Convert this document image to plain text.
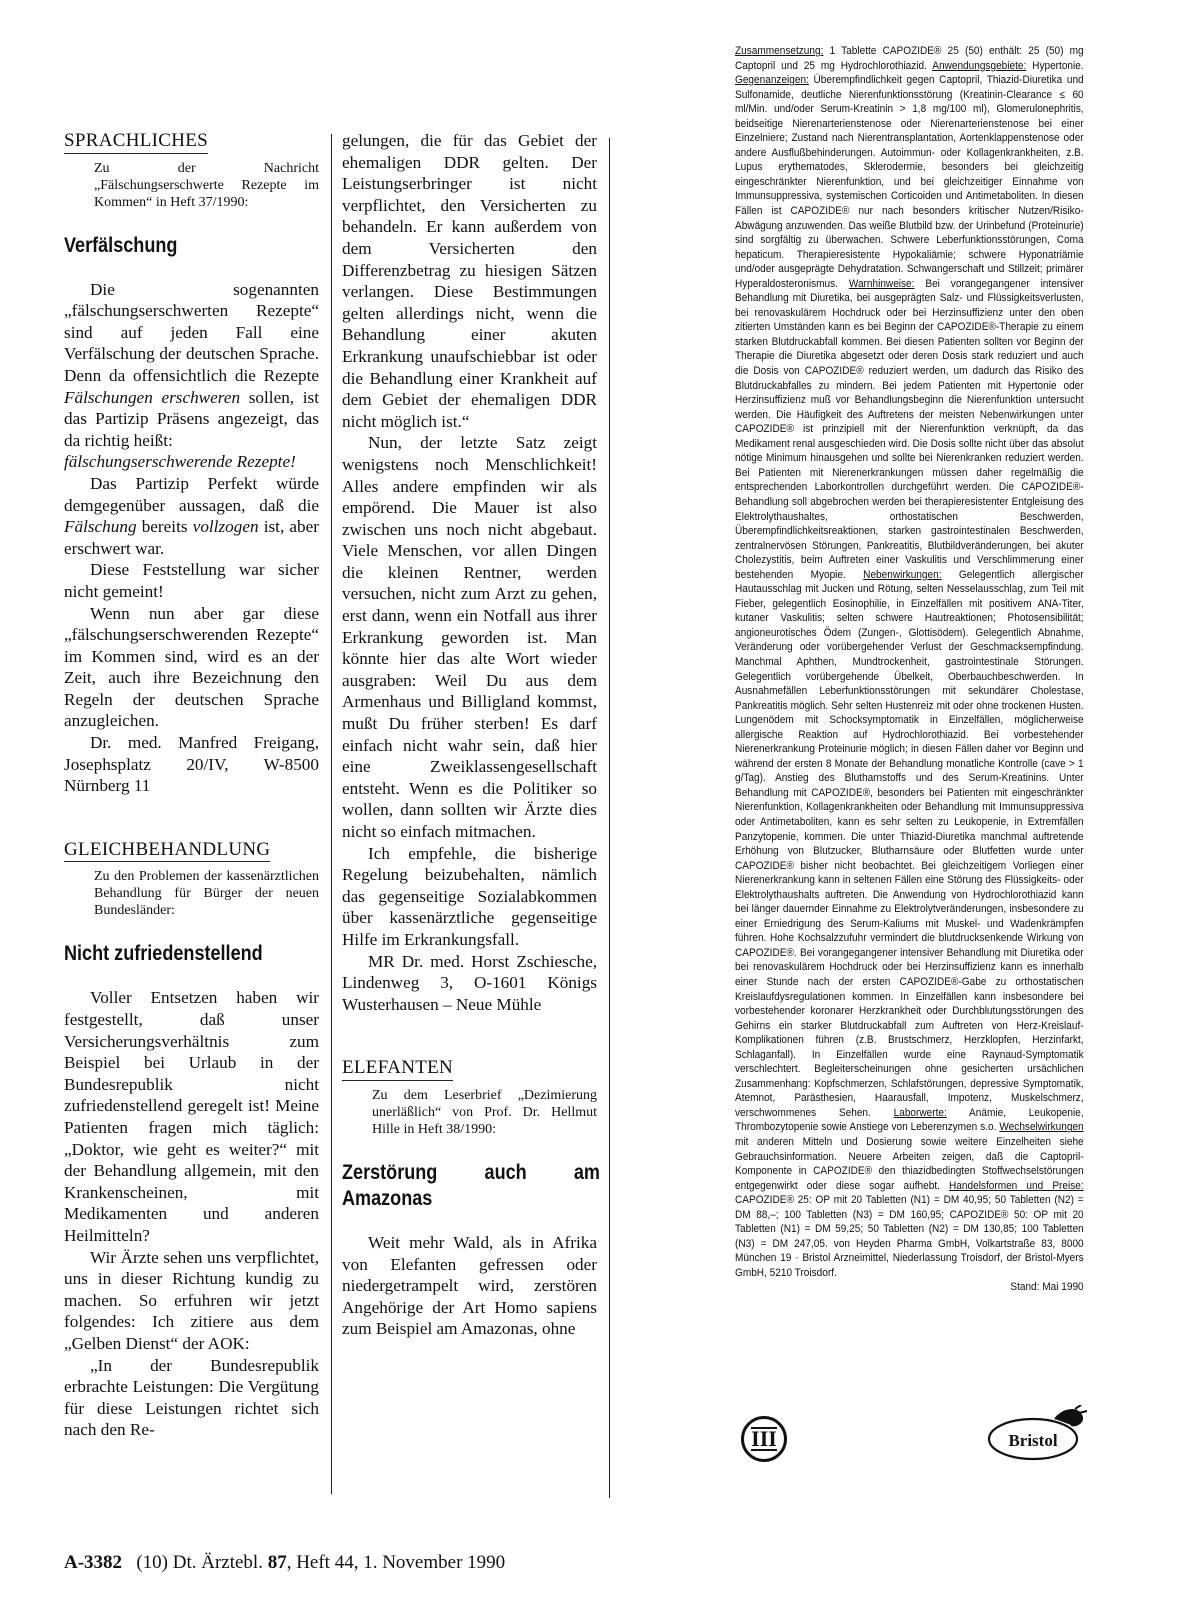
SPRACHLICHES
Zu der Nachricht „Fälschungserschwerte Rezepte im Kommen“ in Heft 37/1990:
Verfälschung

Die sogenannten „fälschungserschwerten Rezepte“ sind auf jeden Fall eine Verfälschung der deutschen Sprache. Denn da offensichtlich die Rezepte Fälschungen erschweren sollen, ist das Partizip Präsens angezeigt, das da richtig heißt:
fälschungserschwerende Rezepte!

Das Partizip Perfekt würde demgegenüber aussagen, daß die Fälschung bereits vollzogen ist, aber erschwert war.

Diese Feststellung war sicher nicht gemeint!

Wenn nun aber gar diese „fälschungserschwerenden Rezepte“ im Kommen sind, wird es an der Zeit, auch ihre Bezeichnung den Regeln der deutschen Sprache anzugleichen.

Dr. med. Manfred Freigang, Josephsplatz 20/IV, W-8500 Nürnberg 11

GLEICHBEHANDLUNG
Zu den Problemen der kassenärztlichen Behandlung für Bürger der neuen Bundesländer:
Nicht zufriedenstellend

Voller Entsetzen haben wir festgestellt, daß unser Versicherungsverhältnis zum Beispiel bei Urlaub in der Bundesrepublik nicht zufriedenstellend geregelt ist! Meine Patienten fragen mich täglich: „Doktor, wie geht es weiter?“ mit der Behandlung allgemein, mit den Krankenscheinen, mit Medikamenten und anderen Heilmitteln?

Wir Ärzte sehen uns verpflichtet, uns in dieser Richtung kundig zu machen. So erfuhren wir jetzt folgendes: Ich zitiere aus dem „Gelben Dienst“ der AOK:

„In der Bundesrepublik erbrachte Leistungen: Die Vergütung für diese Leistungen richtet sich nach den Re-

gelungen, die für das Gebiet der ehemaligen DDR gelten. Der Leistungserbringer ist nicht verpflichtet, den Versicherten zu behandeln. Er kann außerdem von dem Versicherten den Differenzbetrag zu hiesigen Sätzen verlangen. Diese Bestimmungen gelten allerdings nicht, wenn die Behandlung einer akuten Erkrankung unaufschiebbar ist oder die Behandlung einer Krankheit auf dem Gebiet der ehemaligen DDR nicht möglich ist.“

Nun, der letzte Satz zeigt wenigstens noch Menschlichkeit! Alles andere empfinden wir als empörend. Die Mauer ist also zwischen uns noch nicht abgebaut. Viele Menschen, vor allen Dingen die kleinen Rentner, werden versuchen, nicht zum Arzt zu gehen, erst dann, wenn ein Notfall aus ihrer Erkrankung geworden ist. Man könnte hier das alte Wort wieder ausgraben: Weil Du aus dem Armenhaus und Billigland kommst, mußt Du früher sterben! Es darf einfach nicht wahr sein, daß hier eine Zweiklassengesellschaft entsteht. Wenn es die Politiker so wollen, dann sollten wir Ärzte dies nicht so einfach mitmachen.

Ich empfehle, die bisherige Regelung beizubehalten, nämlich das gegenseitige Sozialabkommen über kassenärztliche gegenseitige Hilfe im Erkrankungsfall.

MR Dr. med. Horst Zschiesche, Lindenweg 3, O-1601 Königs Wusterhausen – Neue Mühle

ELEFANTEN
Zu dem Leserbrief „Dezimierung unerläßlich“ von Prof. Dr. Hellmut Hille in Heft 38/1990:
Zerstörung auch am Amazonas

Weit mehr Wald, als in Afrika von Elefanten gefressen oder niedergetrampelt wird, zerstören Angehörige der Art Homo sapiens zum Beispiel am Amazonas, ohne

Zusammensetzung: 1 Tablette CAPOZIDE® 25 (50) enthält: 25 (50) mg Captopril und 25 mg Hydrochlorothiazid. Anwendungsgebiete: Hypertonie. Gegenanzeigen: Überempfindlichkeit gegen Captopril, Thiazid-Diuretika und Sulfonamide, deutliche Nierenfunktionsstörung (Kreatinin-Clearance ≤ 60 ml/Min. und/oder Serum-Kreatinin > 1,8 mg/100 ml), Glomerulonephritis, beidseitige Nierenarterienstenose oder Nierenarterienstenose bei einer Einzelniere; Zustand nach Nierentransplantation, Aortenklappenstenose oder andere Ausflußbehinderungen. Autoimmun- oder Kollagenkrankheiten, z.B. Lupus erythematodes, Sklerodermie, besonders bei gleichzeitig eingeschränkter Nierenfunktion, und bei gleichzeitiger Einnahme von Immunsuppressiva, systemischen Corticoiden und Antimetaboliten. In diesen Fällen ist CAPOZIDE® nur nach besonders kritischer Nutzen/Risiko-Abwägung anzuwenden. Das weiße Blutbild bzw. der Urinbefund (Proteinurie) sind sorgfältig zu überwachen. Schwere Leberfunktionsstörungen, Coma hepaticum. Therapieresistente Hypokaliämie; schwere Hyponatriämie und/oder ausgeprägte Dehydratation. Schwangerschaft und Stillzeit; primärer Hyperaldosteronismus. Warnhinweise: Bei vorangegangener intensiver Behandlung mit Diuretika, bei ausgeprägten Salz- und Flüssigkeitsverlusten, bei renovaskulärem Hochdruck oder bei Herzinsuffizienz unter den oben zitierten Umständen kann es bei Beginn der CAPOZIDE®-Therapie zu einem starken Blutdruckabfall kommen. Bei diesen Patienten sollten vor Beginn der Therapie die Diuretika abgesetzt oder deren Dosis stark reduziert und auch die Dosis von CAPOZIDE® reduziert werden, um dadurch das Risiko des Blutdruckabfalles zu mindern. Bei jedem Patienten mit Hypertonie oder Herzinsuffizienz muß vor Behandlungsbeginn die Nierenfunktion untersucht werden. Die Häufigkeit des Auftretens der meisten Nebenwirkungen unter CAPOZIDE® ist prinzipiell mit der Nierenfunktion verknüpft, da das Medikament renal ausgeschieden wird. Die Dosis sollte nicht über das absolut nötige Minimum hinausgehen und sollte bei Nierenkranken reduziert werden. Bei Patienten mit Nierenerkrankungen müssen daher regelmäßig die entsprechenden Laborkontrollen durchgeführt werden. Die CAPOZIDE®-Behandlung soll abgebrochen werden bei therapieresistenter Entgleisung des Elektrolythaushaltes, orthostatischen Beschwerden, Überempfindlichkeitsreaktionen, starken gastrointestinalen Beschwerden, zentralnervösen Störungen, Pankreatitis, Blutbildveränderungen, bei akuter Cholezystitis, beim Auftreten einer Vaskulitis und Verschlimmerung einer bestehenden Myopie. Nebenwirkungen: Gelegentlich allergischer Hautausschlag mit Jucken und Rötung, selten Nesselausschlag, zum Teil mit Fieber, gelegentlich Eosinophilie, in Einzelfällen mit positivem ANA-Titer, kutaner Vaskulitis; selten schwere Hautreaktionen; Photosensibilität; angioneurotisches Ödem (Zungen-, Glottisödem). Gelegentlich Abnahme, Veränderung oder vorübergehender Verlust der Geschmacksempfindung. Manchmal Aphthen, Mundtrockenheit, gastrointestinale Störungen. Gelegentlich vorübergehende Übelkeit, Oberbauchbeschwerden. In Ausnahmefällen Leberfunktionsstörungen mit sekundärer Cholestase, Pankreatitis möglich. Sehr selten Hustenreiz mit oder ohne trockenen Husten. Lungenödem mit Schocksymptomatik in Einzelfällen, möglicherweise allergische Reaktion auf Hydrochlorothiazid. Bei vorbestehender Nierenerkrankung Proteinurie möglich; in diesen Fällen daher vor Beginn und während der ersten 8 Monate der Behandlung monatliche Kontrolle (cave > 1 g/Tag). Anstieg des Blutharnstoffs und des Serum-Kreatinins. Unter Behandlung mit CAPOZIDE®, besonders bei Patienten mit eingeschränkter Nierenfunktion, Kollagenkrankheiten oder Behandlung mit Immunsuppressiva oder Antimetaboliten, kann es sehr selten zu Leukopenie, in Extremfällen Panzytopenie, kommen. Die unter Thiazid-Diuretika manchmal auftretende Erhöhung von Blutzucker, Blutharnsäure oder Blutfetten wurde unter CAPOZIDE® bisher nicht beobachtet. Bei gleichzeitigem Vorliegen einer Nierenerkrankung kann in seltenen Fällen eine Störung des Flüssigkeits- oder Elektrolythaushalts auftreten. Die Anwendung von Hydrochlorothiazid kann bei länger dauernder Einnahme zu Elektrolytveränderungen, insbesondere zu einer Erniedrigung des Serum-Kaliums mit Muskel- und Wadenkrämpfen führen. Hohe Kochsalzzufuhr vermindert die blutdrucksenkende Wirkung von CAPOZIDE®. Bei vorangegangener intensiver Behandlung mit Diuretika oder bei renovaskulärem Hochdruck oder bei Herzinsuffizienz kann es innerhalb einer Stunde nach der ersten CAPOZIDE®-Gabe zu orthostatischen Kreislaufdysregulationen kommen. In Einzelfällen kann insbesondere bei vorbestehender koronarer Herzkrankheit oder Durchblutungsstörungen des Gehirns ein starker Blutdruckabfall zum Auftreten von Herz-Kreislauf-Komplikationen führen (z.B. Brustschmerz, Herzklopfen, Herzinfarkt, Schlaganfall). In Einzelfällen wurde eine Raynaud-Symptomatik verschlechtert. Begleiterscheinungen ohne gesicherten ursächlichen Zusammenhang: Kopfschmerzen, Schlafstörungen, depressive Symptomatik, Atemnot, Parästhesien, Haarausfall, Impotenz, Muskelschmerz, verschwommenes Sehen. Laborwerte: Anämie, Leukopenie, Thrombozytopenie sowie Anstiege von Leberenzymen s.o. Wechselwirkungen mit anderen Mitteln und Dosierung sowie weitere Einzelheiten siehe Gebrauchsinformation. Neuere Arbeiten zeigen, daß die Captopril-Komponente in CAPOZIDE® den thiazidbedingten Stoffwechselstörungen entgegenwirkt oder diese sogar aufhebt. Handelsformen und Preise: CAPOZIDE® 25: OP mit 20 Tabletten (N1) = DM 40,95; 50 Tabletten (N2) = DM 88,–; 100 Tabletten (N3) = DM 160,95; CAPOZIDE® 50: OP mit 20 Tabletten (N1) = DM 59,25; 50 Tabletten (N2) = DM 130,85; 100 Tabletten (N3) = DM 247,05. von Heyden Pharma GmbH, Volkartstraße 83, 8000 München 19 · Bristol Arzneimittel, Niederlassung Troisdorf, der Bristol-Myers GmbH, 5210 Troisdorf.
Stand: Mai 1990
III	Bristol
A-3382 (10) Dt. Ärztebl. 87, Heft 44, 1. November 1990
